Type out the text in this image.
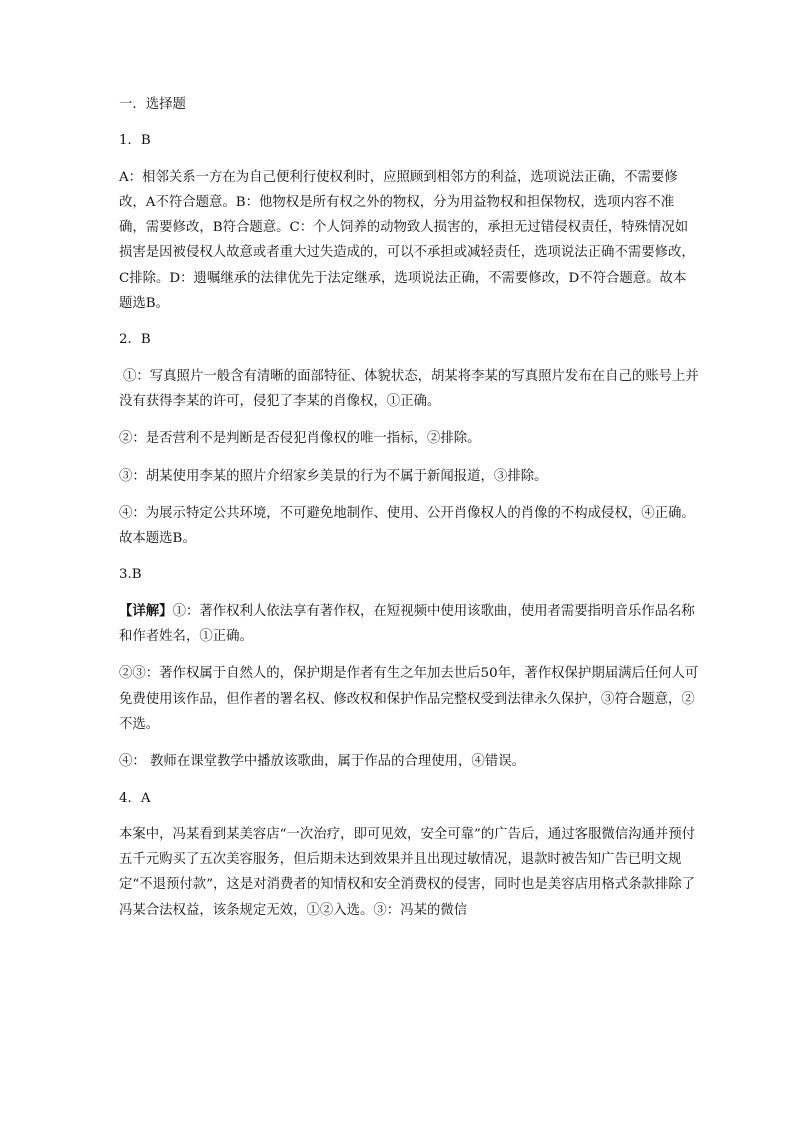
一．选择题

1．B

A：相邻关系一方在为自己便利行使权利时，应照顾到相邻方的利益，选项说法正确，不需要修改，A不符合题意。B：他物权是所有权之外的物权，分为用益物权和担保物权，选项内容不准确，需要修改，B符合题意。C：个人饲养的动物致人损害的，承担无过错侵权责任，特殊情况如损害是因被侵权人故意或者重大过失造成的，可以不承担或减轻责任，选项说法正确不需要修改，C排除。D：遗嘱继承的法律优先于法定继承，选项说法正确，不需要修改，D不符合题意。故本题选B。

2．B

①：写真照片一般含有清晰的面部特征、体貌状态，胡某将李某的写真照片发布在自己的账号上并没有获得李某的许可，侵犯了李某的肖像权，①正确。

②：是否营利不是判断是否侵犯肖像权的唯一指标，②排除。

③：胡某使用李某的照片介绍家乡美景的行为不属于新闻报道，③排除。

④：为展示特定公共环境，不可避免地制作、使用、公开肖像权人的肖像的不构成侵权，④正确。故本题选B。

3.B

【详解】①：著作权利人依法享有著作权，在短视频中使用该歌曲，使用者需要指明音乐作品名称和作者姓名，①正确。

②③：著作权属于自然人的，保护期是作者有生之年加去世后50年，著作权保护期届满后任何人可免费使用该作品，但作者的署名权、修改权和保护作品完整权受到法律永久保护，③符合题意，②不选。

④： 教师在课堂教学中播放该歌曲，属于作品的合理使用，④错误。

4．A

本案中，冯某看到某美容店“一次治疗，即可见效，安全可靠”的广告后，通过客服微信沟通并预付五千元购买了五次美容服务，但后期未达到效果并且出现过敏情况，退款时被告知广告已明文规定“不退预付款”，这是对消费者的知情权和安全消费权的侵害，同时也是美容店用格式条款排除了冯某合法权益，该条规定无效，①②入选。③：冯某的微信
